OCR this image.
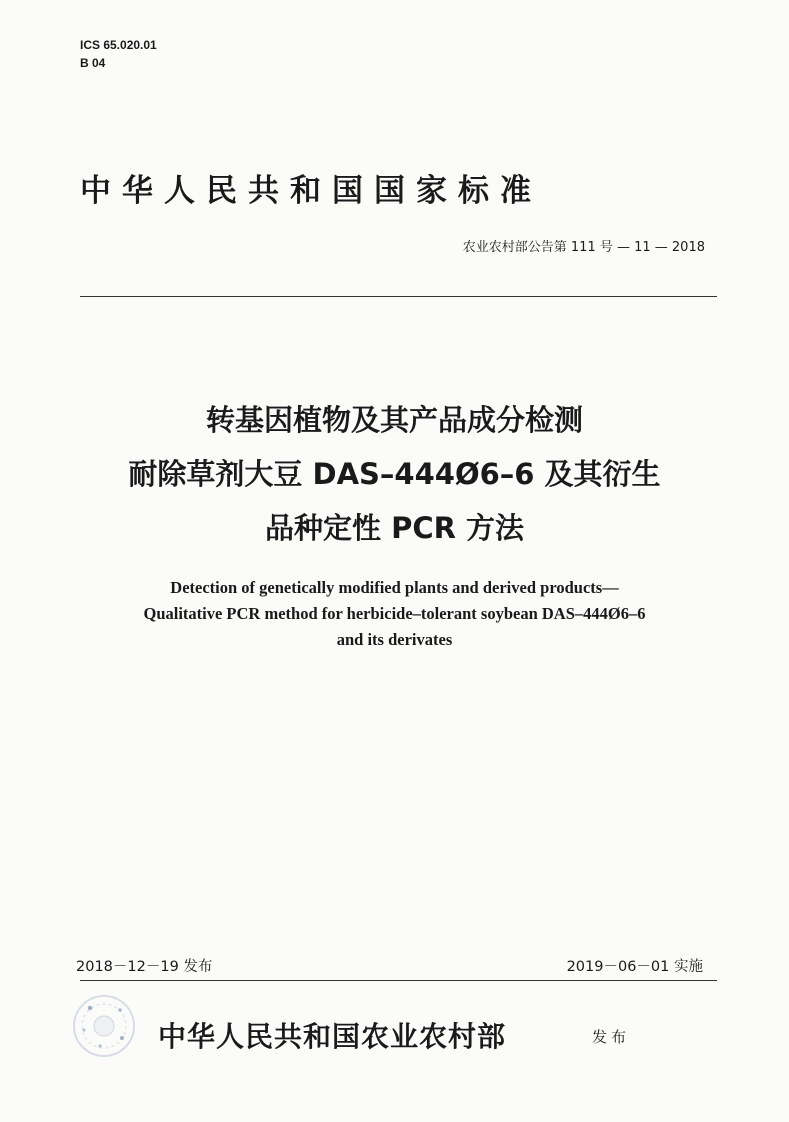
ICS 65.020.01
B 04
中华人民共和国国家标准
农业农村部公告第 111 号 — 11 — 2018
转基因植物及其产品成分检测
耐除草剂大豆 DAS–444Ø6–6 及其衍生
品种定性 PCR 方法
Detection of genetically modified plants and derived products—
Qualitative PCR method for herbicide–tolerant soybean DAS–444Ø6–6
and its derivates
2018－12－19 发布	2019－06－01 实施
中华人民共和国农业农村部	发布
